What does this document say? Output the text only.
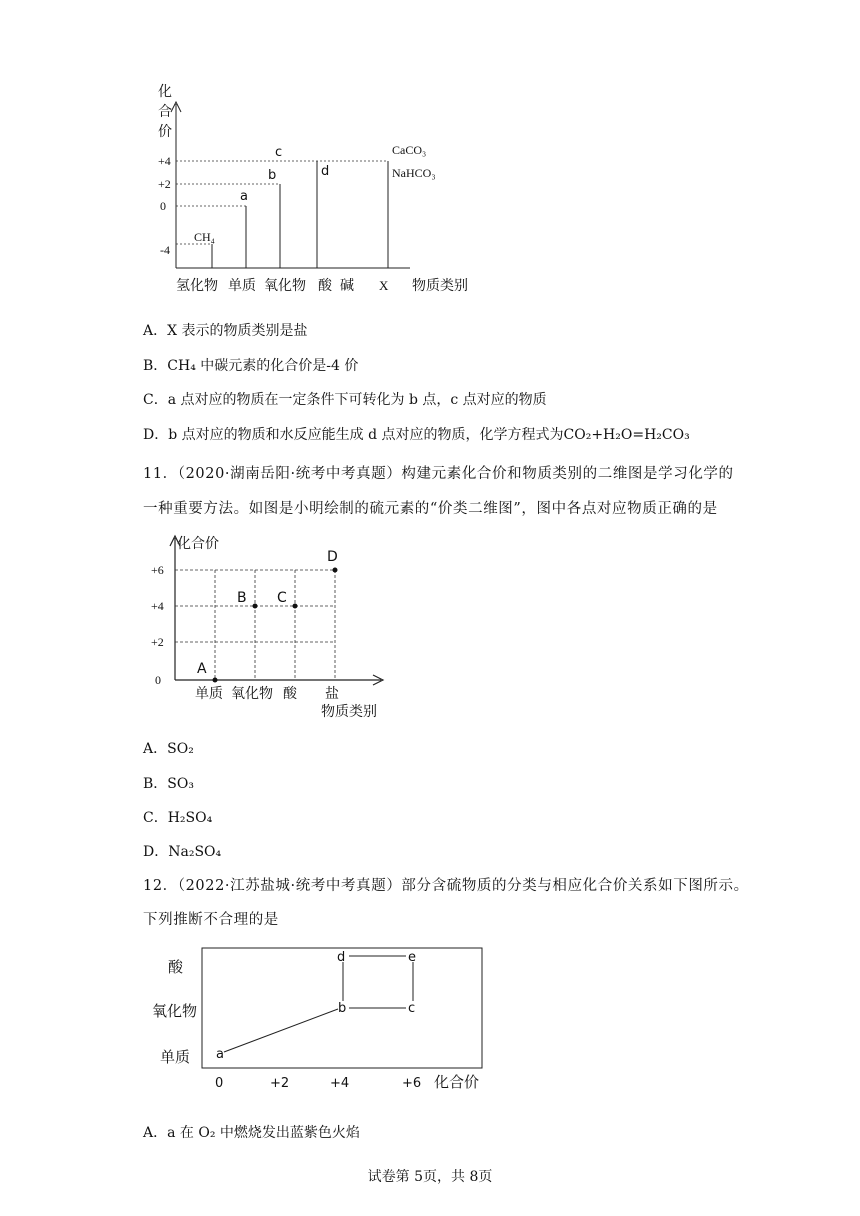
化
合
价
+4
+2
0
-4
CH₄
a
b
c
d
CaCO₃
NaHCO₃
氢化物 单质 氧化物 酸 碱 X 物质类别
A．X 表示的物质类别是盐
B．CH₄ 中碳元素的化合价是-4 价
C．a 点对应的物质在一定条件下可转化为 b 点，c 点对应的物质
D．b 点对应的物质和水反应能生成 d 点对应的物质，化学方程式为CO₂+H₂O=H₂CO₃
11．（2020·湖南岳阳·统考中考真题）构建元素化合价和物质类别的二维图是学习化学的
一种重要方法。如图是小明绘制的硫元素的“价类二维图”，图中各点对应物质正确的是
化合价
+6
+4
+2
0
A
B C
D
单质 氧化物 酸 盐
物质类别
A．SO₂
B．SO₃
C．H₂SO₄
D．Na₂SO₄
12．（2022·江苏盐城·统考中考真题）部分含硫物质的分类与相应化合价关系如下图所示。
下列推断不合理的是
酸
氧化物
单质 a
b	c
d	e
0	+2	+4	+6 化合价
A．a 在 O₂ 中燃烧发出蓝紫色火焰
试卷第 5页，共 8页
